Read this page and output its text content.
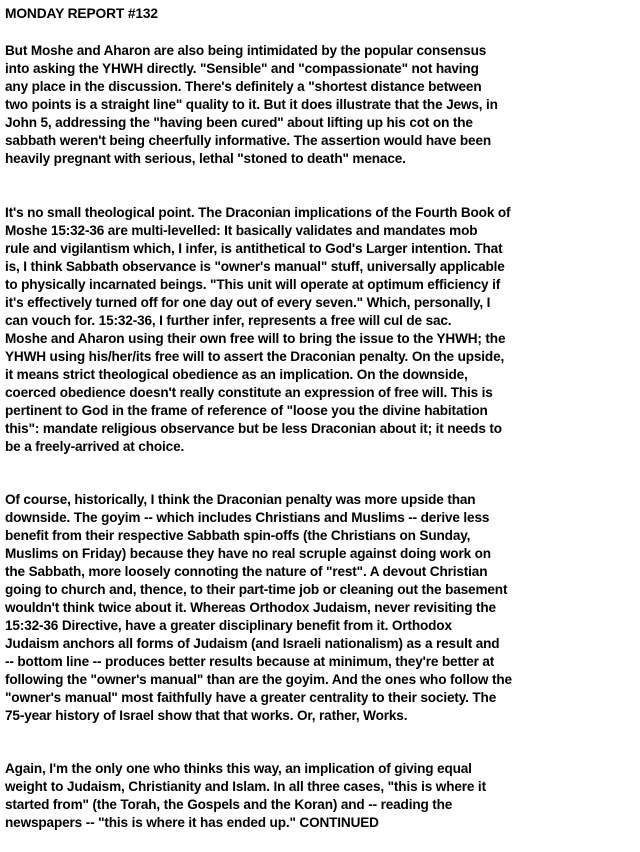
MONDAY REPORT #132
But Moshe and Aharon are also being intimidated by the popular consensus
into asking the YHWH directly. "Sensible" and "compassionate" not having
any place in the discussion. There's definitely a "shortest distance between
two points is a straight line" quality to it. But it does illustrate that the Jews, in
John 5, addressing the "having been cured" about lifting up his cot on the
sabbath weren't being cheerfully informative. The assertion would have been
heavily pregnant with serious, lethal "stoned to death" menace.
It's no small theological point. The Draconian implications of the Fourth Book of
Moshe 15:32-36 are multi-levelled: It basically validates and mandates mob
rule and vigilantism which, I infer, is antithetical to God's Larger intention. That
is, I think Sabbath observance is "owner's manual" stuff, universally applicable
to physically incarnated beings. "This unit will operate at optimum efficiency if
it's effectively turned off for one day out of every seven." Which, personally, I
can vouch for. 15:32-36, I further infer, represents a free will cul de sac.
Moshe and Aharon using their own free will to bring the issue to the YHWH; the
YHWH using his/her/its free will to assert the Draconian penalty. On the upside,
it means strict theological obedience as an implication. On the downside,
coerced obedience doesn't really constitute an expression of free will. This is
pertinent to God in the frame of reference of "loose you the divine habitation
this": mandate religious observance but be less Draconian about it; it needs to
be a freely-arrived at choice.
Of course, historically, I think the Draconian penalty was more upside than
downside. The goyim -- which includes Christians and Muslims -- derive less
benefit from their respective Sabbath spin-offs (the Christians on Sunday,
Muslims on Friday) because they have no real scruple against doing work on
the Sabbath, more loosely connoting the nature of "rest". A devout Christian
going to church and, thence, to their part-time job or cleaning out the basement
wouldn't think twice about it. Whereas Orthodox Judaism, never revisiting the
15:32-36 Directive, have a greater disciplinary benefit from it. Orthodox
Judaism anchors all forms of Judaism (and Israeli nationalism) as a result and
-- bottom line -- produces better results because at minimum, they're better at
following the "owner's manual" than are the goyim. And the ones who follow the
"owner's manual" most faithfully have a greater centrality to their society. The
75-year history of Israel show that that works. Or, rather, Works.
Again, I'm the only one who thinks this way, an implication of giving equal
weight to Judaism, Christianity and Islam. In all three cases, "this is where it
started from" (the Torah, the Gospels and the Koran) and -- reading the
newspapers -- "this is where it has ended up." CONTINUED
